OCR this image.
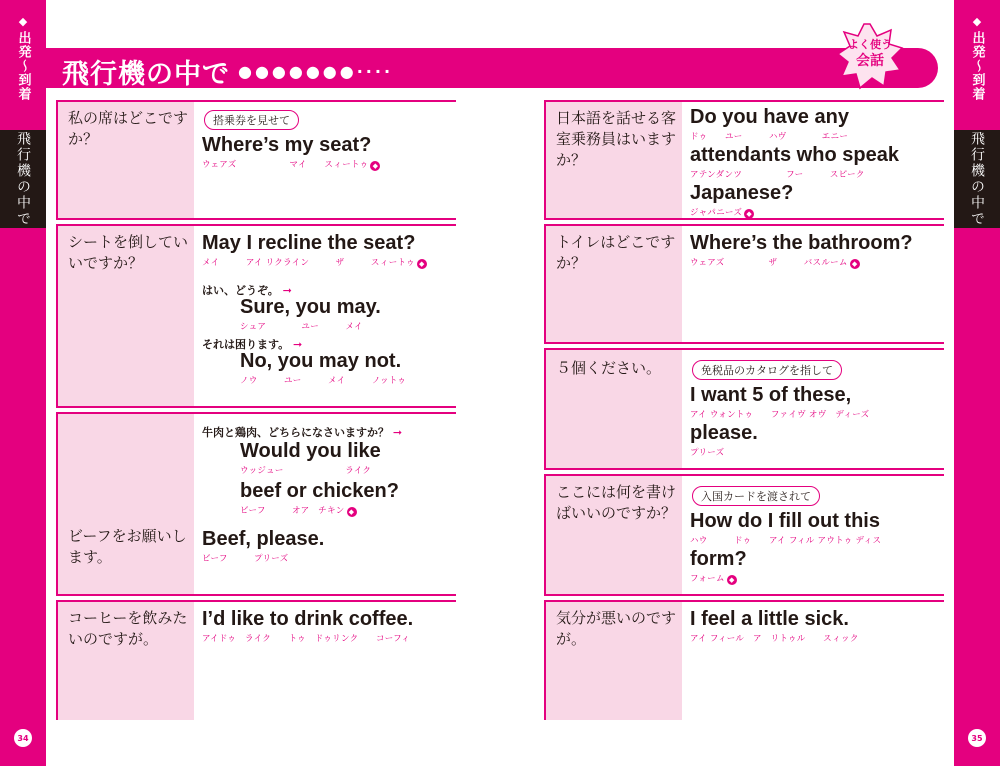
◆
出発～到着
飛行機の中で
34
◆
出発～到着
飛行機の中で
35
飛行機の中で ●●●●●●●····
よく使う
会話
私の席はどこですか？
搭乗券を見せて
Where’s my seat?
ウェアズ　　　　　　マイ　　スィートゥ ◆
シートを倒していいですか？
May I recline the seat?
メイ　　　アイ リクライン　　　ザ　　　スィートゥ ◆
はい、どうぞ。 ➞
Sure, you may.
シュア　　　　ユー　　　メイ
それは困ります。 ➞
No, you may not.
ノウ　　　ユー　　　メイ　　　ノットゥ
ビーフをお願いします。
牛肉と鶏肉、どちらになさいますか？ ➞
Would you like
ウッジュー　　　　　　　ライク
beef or chicken?
ビーフ　　　オア　チキン ◆
Beef, please.
ビーフ　　　プリーズ
コーヒーを飲みたいのですが。
I’d like to drink coffee.
アイドゥ　ライク　　トゥ　ドゥリンク　　コーフィ
日本語を話せる客室乗務員はいますか？
Do you have any
ドゥ　　ユー　　　ハヴ　　　　エニー
attendants who speak
アテンダンツ　　　　　フー　　　スピーク
Japanese?
ジャパニーズ ◆
トイレはどこですか？
Where’s the bathroom?
ウェアズ　　　　　ザ　　　バスルーム ◆
５個ください。	免税品のカタログを指して
I want 5 of these,
アイ ウォントゥ　　ファイヴ オヴ　ディーズ
please.
プリーズ
ここには何を書けばいいのですか？
入国カードを渡されて
How do I fill out this
ハウ　　　ドゥ　　アイ フィル アウトゥ ディス
form?
フォーム ◆
気分が悪いのですが。
I feel a little sick.
アイ フィール　ア　リトゥル　　スィック
